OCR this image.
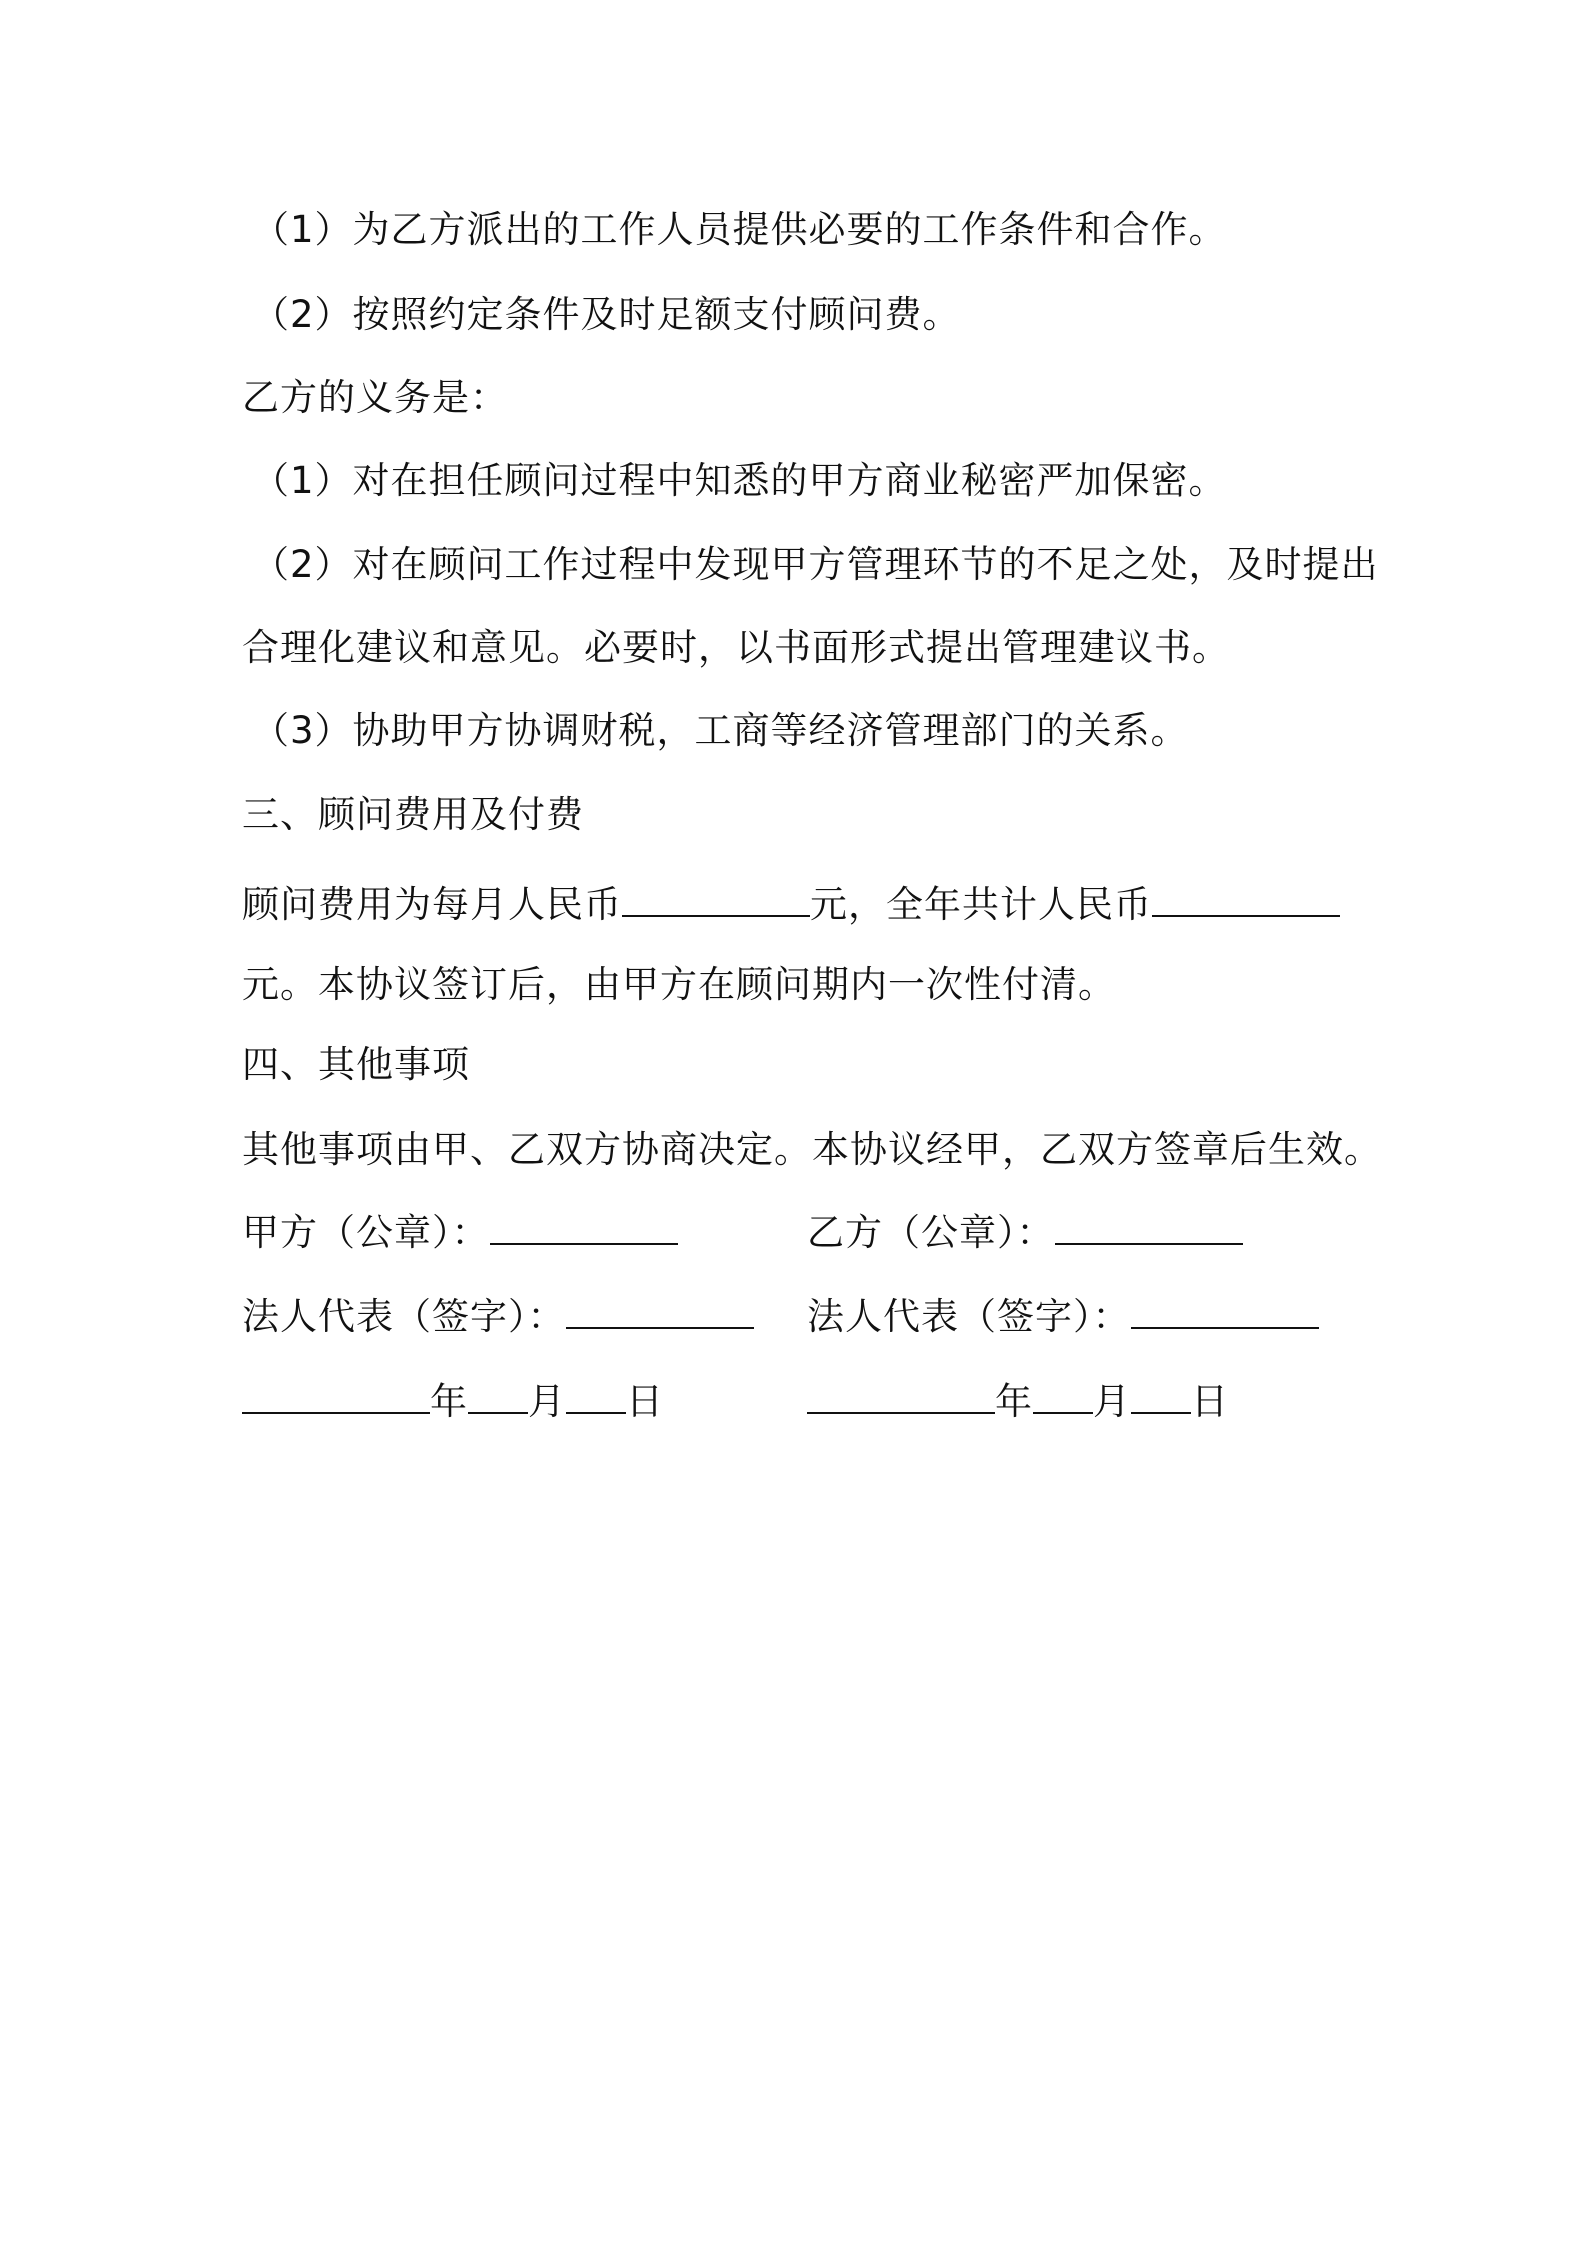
（1）为乙方派出的工作人员提供必要的工作条件和合作。
（2）按照约定条件及时足额支付顾问费。
乙方的义务是：
（1）对在担任顾问过程中知悉的甲方商业秘密严加保密。
（2）对在顾问工作过程中发现甲方管理环节的不足之处，及时提出
合理化建议和意见。必要时，以书面形式提出管理建议书。
（3）协助甲方协调财税，工商等经济管理部门的关系。
三、顾问费用及付费
顾问费用为每月人民币	元，全年共计人民币
元。本协议签订后，由甲方在顾问期内一次性付清。
四、其他事项
其他事项由甲、乙双方协商决定。本协议经甲，乙双方签章后生效。
甲方（公章）：	乙方（公章）：
法人代表（签字）：	法人代表（签字）：
年 月 日	年 月 日
